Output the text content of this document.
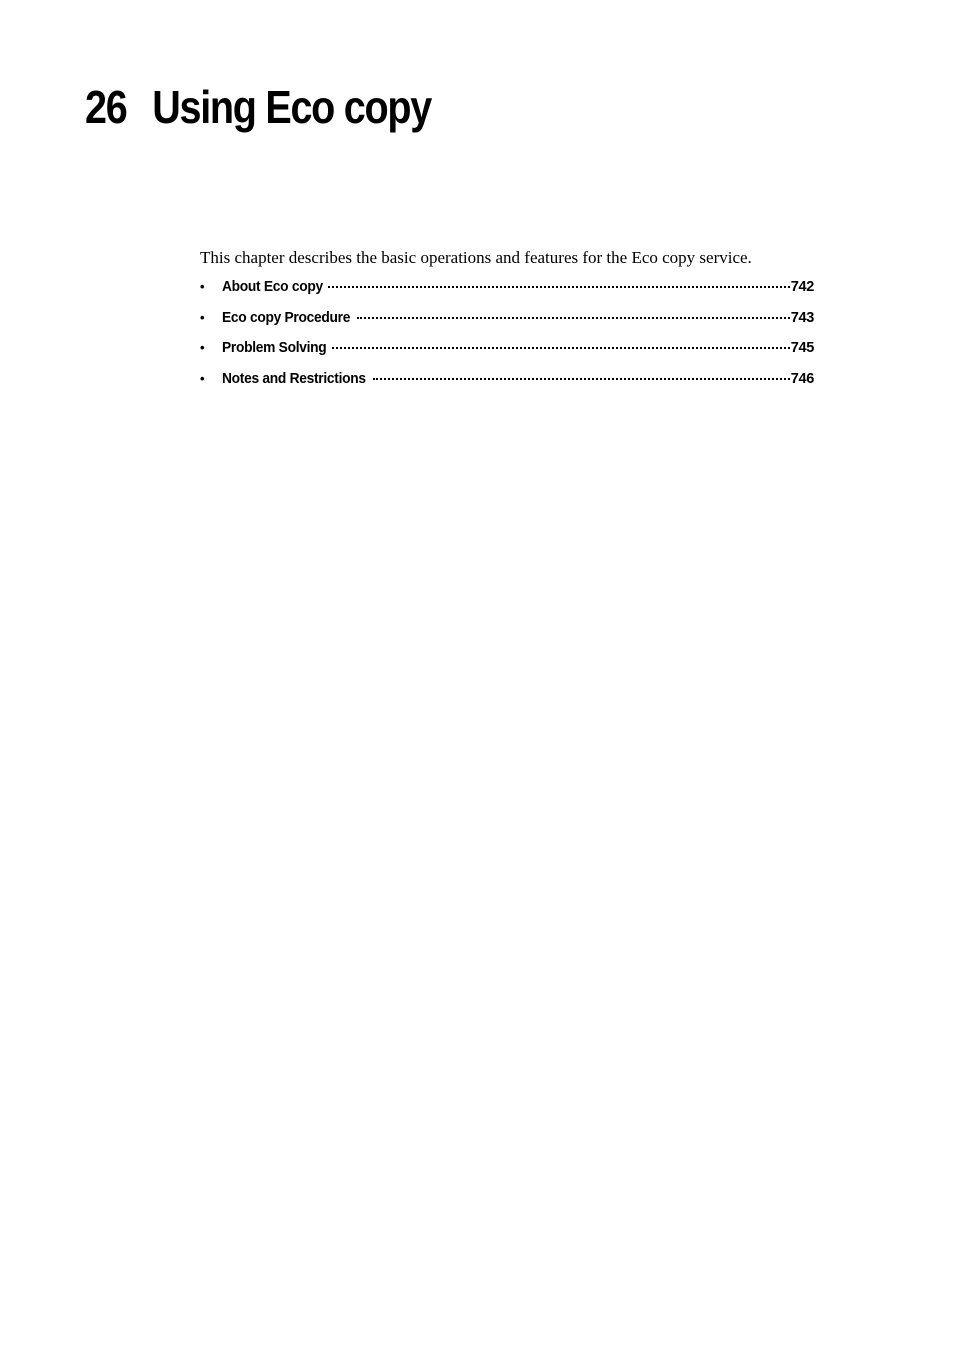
26 Using Eco copy

This chapter describes the basic operations and features for the Eco copy service.

•	About Eco copy	742
•	Eco copy Procedure	743
•	Problem Solving	745
•	Notes and Restrictions	746
